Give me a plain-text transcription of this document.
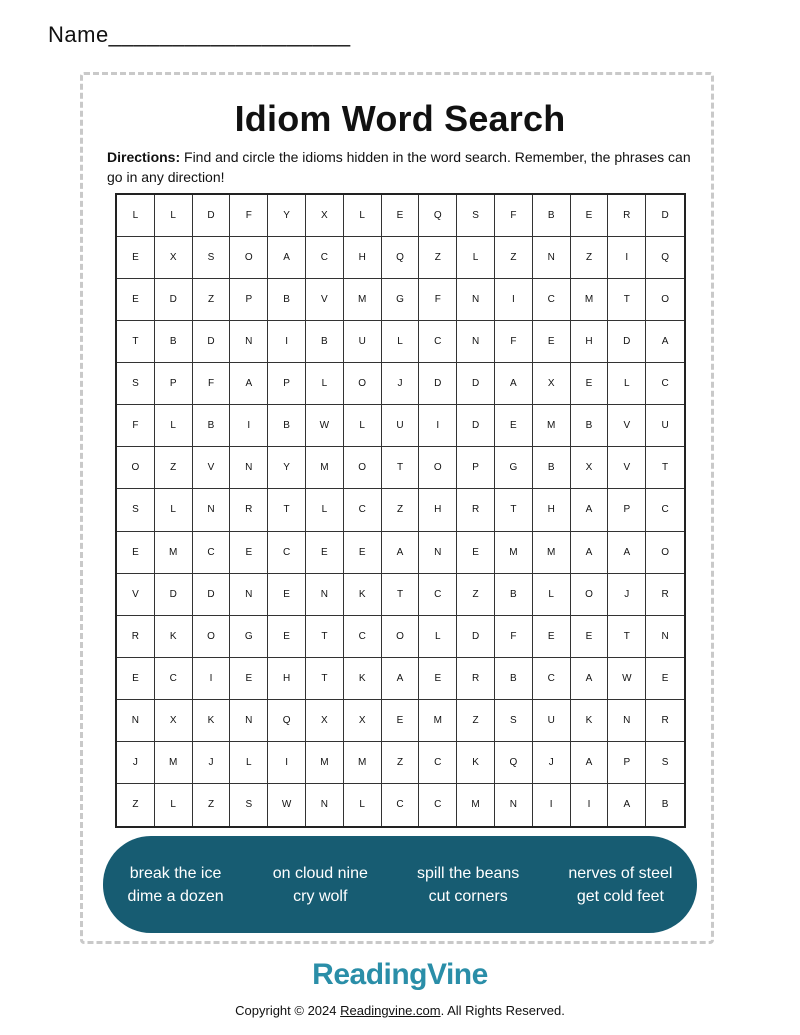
Name___________________
Idiom Word Search
Directions: Find and circle the idioms hidden in the word search. Remember, the phrases can go in any direction!
L	L	D	F	Y	X	L	E	Q	S	F	B	E	R	D
E	X	S	O	A	C	H	Q	Z	L	Z	N	Z	I	Q
E	D	Z	P	B	V	M	G	F	N	I	C	M	T	O
T	B	D	N	I	B	U	L	C	N	F	E	H	D	A
S	P	F	A	P	L	O	J	D	D	A	X	E	L	C
F	L	B	I	B	W	L	U	I	D	E	M	B	V	U
O	Z	V	N	Y	M	O	T	O	P	G	B	X	V	T
S	L	N	R	T	L	C	Z	H	R	T	H	A	P	C
E	M	C	E	C	E	E	A	N	E	M	M	A	A	O
V	D	D	N	E	N	K	T	C	Z	B	L	O	J	R
R	K	O	G	E	T	C	O	L	D	F	E	E	T	N
E	C	I	E	H	T	K	A	E	R	B	C	A	W	E
N	X	K	N	Q	X	X	E	M	Z	S	U	K	N	R
J	M	J	L	I	M	M	Z	C	K	Q	J	A	P	S
Z	L	Z	S	W	N	L	C	C	M	N	I	I	A	B
break the ice
dime a dozen
on cloud nine
cry wolf
spill the beans
cut corners
nerves of steel
get cold feet
ReadingVine
Copyright © 2024 Readingvine.com. All Rights Reserved.
